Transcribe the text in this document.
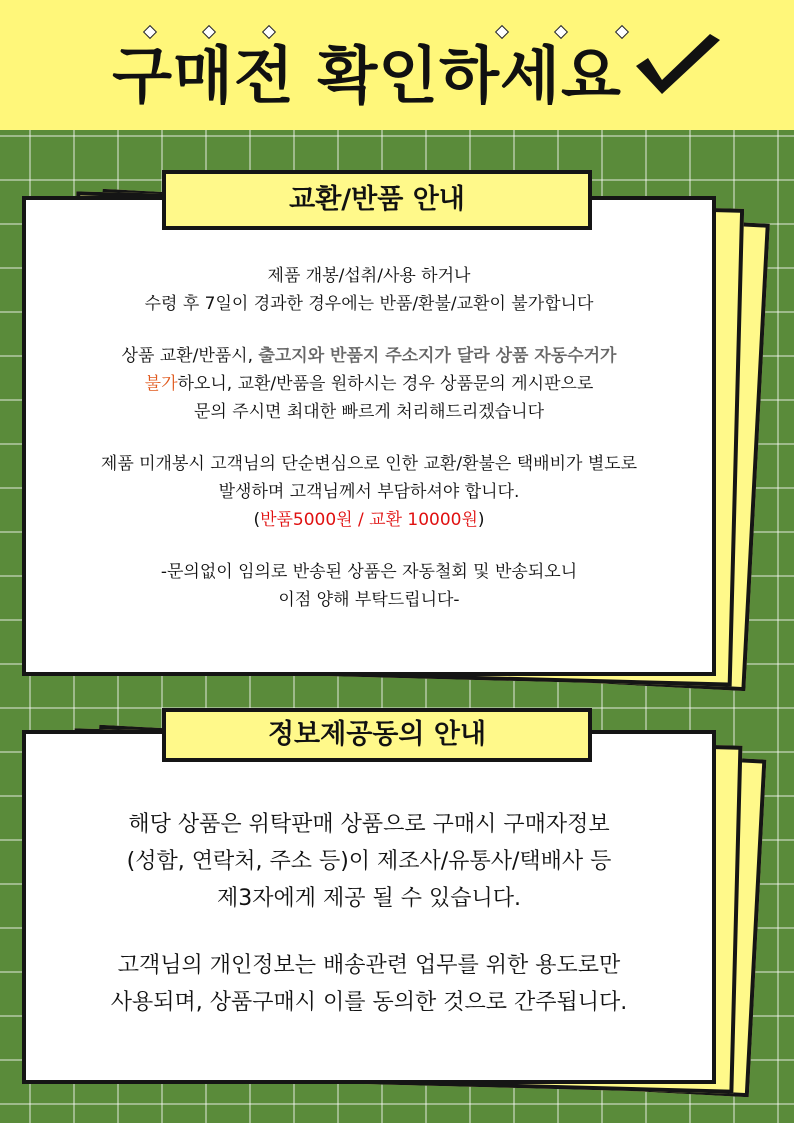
구매전 확인하세요
제품 개봉/섭취/사용 하거나
수령 후 7일이 경과한 경우에는 반품/환불/교환이 불가합니다
상품 교환/반품시, 출고지와 반품지 주소지가 달라 상품 자동수거가
불가하오니, 교환/반품을 원하시는 경우 상품문의 게시판으로
문의 주시면 최대한 빠르게 처리해드리겠습니다
제품 미개봉시 고객님의 단순변심으로 인한 교환/환불은 택배비가 별도로
발생하며 고객님께서 부담하셔야 합니다.
(반품5000원 / 교환 10000원)
-문의없이 임의로 반송된 상품은 자동철회 및 반송되오니
이점 양해 부탁드립니다-
교환/반품 안내
해당 상품은 위탁판매 상품으로 구매시 구매자정보
(성함, 연락처, 주소 등)이 제조사/유통사/택배사 등
제3자에게 제공 될 수 있습니다.
고객님의 개인정보는 배송관련 업무를 위한 용도로만
사용되며, 상품구매시 이를 동의한 것으로 간주됩니다.
정보제공동의 안내
